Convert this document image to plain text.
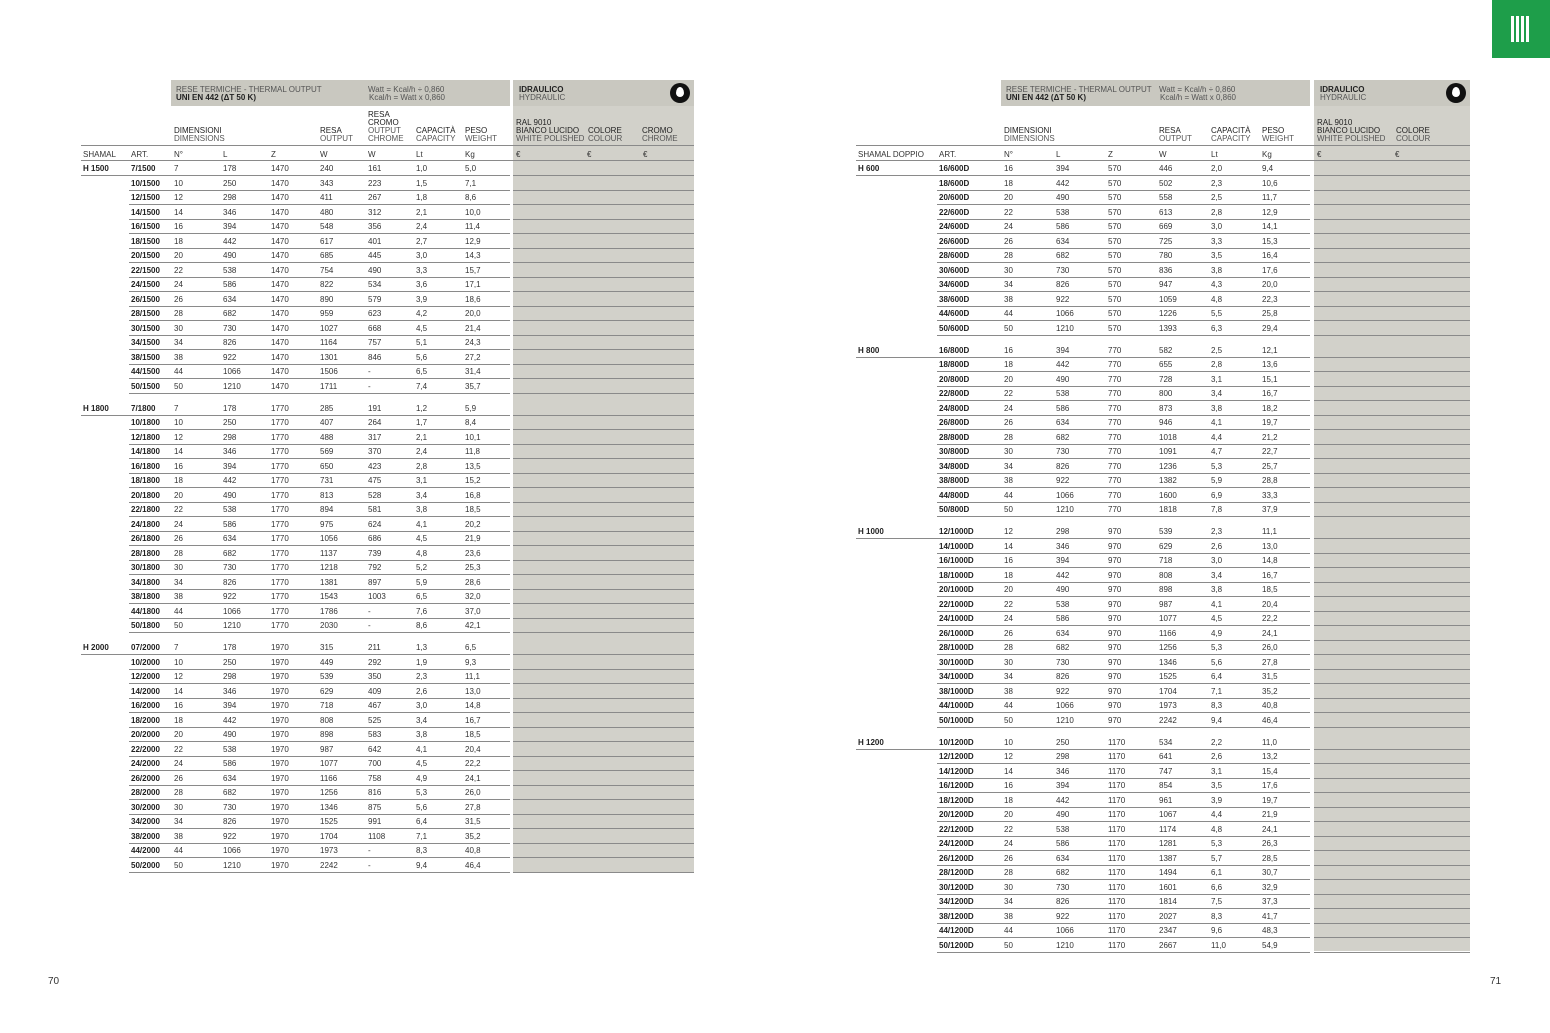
RESE TERMICHE - THERMAL OUTPUT
UNI EN 442 (ΔT 50 K)
Watt = Kcal/h ÷ 0,860
Kcal/h = Watt x 0,860
IDRAULICO
HYDRAULIC
DIMENSIONI
DIMENSIONS
RESA
OUTPUT
RESA
CROMO
OUTPUT
CHROME
CAPACITÀ
CAPACITY
PESO
WEIGHT
RAL 9010
BIANCO LUCIDO
WHITE POLISHED
COLORE
COLOUR
CROMO
CHROME
SHAMAL ART.	N°	L	Z	W	W	Lt	Kg	€	€	€
H 1500	7/1500 7	178	1470	240	161	1,0	5,0
10/1500 10	250	1470	343	223	1,5	7,1
12/1500 12	298	1470	411	267	1,8	8,6
14/1500 14	346	1470	480	312	2,1	10,0
16/1500 16	394	1470	548	356	2,4	11,4
18/1500 18	442	1470	617	401	2,7	12,9
20/1500 20	490	1470	685	445	3,0	14,3
22/1500 22	538	1470	754	490	3,3	15,7
24/1500 24	586	1470	822	534	3,6	17,1
26/1500 26	634	1470	890	579	3,9	18,6
28/1500 28	682	1470	959	623	4,2	20,0
30/1500 30	730	1470	1027	668	4,5	21,4
34/1500 34	826	1470	1164	757	5,1	24,3
38/1500 38	922	1470	1301	846	5,6	27,2
44/1500 44	1066	1470	1506	-	6,5	31,4
50/1500 50	1210	1470	1711	-	7,4	35,7
H 1800	7/1800 7	178	1770	285	191	1,2	5,9
10/1800 10	250	1770	407	264	1,7	8,4
12/1800 12	298	1770	488	317	2,1	10,1
14/1800 14	346	1770	569	370	2,4	11,8
16/1800 16	394	1770	650	423	2,8	13,5
18/1800 18	442	1770	731	475	3,1	15,2
20/1800 20	490	1770	813	528	3,4	16,8
22/1800 22	538	1770	894	581	3,8	18,5
24/1800 24	586	1770	975	624	4,1	20,2
26/1800 26	634	1770	1056	686	4,5	21,9
28/1800 28	682	1770	1137	739	4,8	23,6
30/1800 30	730	1770	1218	792	5,2	25,3
34/1800 34	826	1770	1381	897	5,9	28,6
38/1800 38	922	1770	1543	1003	6,5	32,0
44/1800 44	1066	1770	1786	-	7,6	37,0
50/1800 50	1210	1770	2030	-	8,6	42,1
H 2000	07/2000 7	178	1970	315	211	1,3	6,5
10/2000 10	250	1970	449	292	1,9	9,3
12/2000 12	298	1970	539	350	2,3	11,1
14/2000 14	346	1970	629	409	2,6	13,0
16/2000 16	394	1970	718	467	3,0	14,8
18/2000 18	442	1970	808	525	3,4	16,7
20/2000 20	490	1970	898	583	3,8	18,5
22/2000 22	538	1970	987	642	4,1	20,4
24/2000 24	586	1970	1077	700	4,5	22,2
26/2000 26	634	1970	1166	758	4,9	24,1
28/2000 28	682	1970	1256	816	5,3	26,0
30/2000 30	730	1970	1346	875	5,6	27,8
34/2000 34	826	1970	1525	991	6,4	31,5
38/2000 38	922	1970	1704	1108	7,1	35,2
44/2000 44	1066	1970	1973	-	8,3	40,8
50/2000 50	1210	1970	2242	-	9,4	46,4
RESE TERMICHE - THERMAL OUTPUT
UNI EN 442 (ΔT 50 K)
Watt = Kcal/h ÷ 0,860
Kcal/h = Watt x 0,860
IDRAULICO
HYDRAULIC
DIMENSIONI
DIMENSIONS
RESA
OUTPUT
CAPACITÀ
CAPACITY
PESO
WEIGHT
RAL 9010
BIANCO LUCIDO
WHITE POLISHED
COLORE
COLOUR
SHAMAL DOPPIO ART.	N°	L	Z	W	Lt	Kg	€	€
H 600	16/600D	16	394	570	446	2,0	9,4
18/600D	18	442	570	502	2,3	10,6
20/600D	20	490	570	558	2,5	11,7
22/600D	22	538	570	613	2,8	12,9
24/600D	24	586	570	669	3,0	14,1
26/600D	26	634	570	725	3,3	15,3
28/600D	28	682	570	780	3,5	16,4
30/600D	30	730	570	836	3,8	17,6
34/600D	34	826	570	947	4,3	20,0
38/600D	38	922	570	1059	4,8	22,3
44/600D	44	1066	570	1226	5,5	25,8
50/600D	50	1210	570	1393	6,3	29,4
H 800	16/800D	16	394	770	582	2,5	12,1
18/800D	18	442	770	655	2,8	13,6
20/800D	20	490	770	728	3,1	15,1
22/800D	22	538	770	800	3,4	16,7
24/800D	24	586	770	873	3,8	18,2
26/800D	26	634	770	946	4,1	19,7
28/800D	28	682	770	1018	4,4	21,2
30/800D	30	730	770	1091	4,7	22,7
34/800D	34	826	770	1236	5,3	25,7
38/800D	38	922	770	1382	5,9	28,8
44/800D	44	1066	770	1600	6,9	33,3
50/800D	50	1210	770	1818	7,8	37,9
H 1000	12/1000D	12	298	970	539	2,3	11,1
14/1000D	14	346	970	629	2,6	13,0
16/1000D	16	394	970	718	3,0	14,8
18/1000D	18	442	970	808	3,4	16,7
20/1000D	20	490	970	898	3,8	18,5
22/1000D	22	538	970	987	4,1	20,4
24/1000D	24	586	970	1077	4,5	22,2
26/1000D	26	634	970	1166	4,9	24,1
28/1000D	28	682	970	1256	5,3	26,0
30/1000D	30	730	970	1346	5,6	27,8
34/1000D	34	826	970	1525	6,4	31,5
38/1000D	38	922	970	1704	7,1	35,2
44/1000D	44	1066	970	1973	8,3	40,8
50/1000D	50	1210	970	2242	9,4	46,4
H 1200	10/1200D	10	250	1170	534	2,2	11,0
12/1200D	12	298	1170	641	2,6	13,2
14/1200D	14	346	1170	747	3,1	15,4
16/1200D	16	394	1170	854	3,5	17,6
18/1200D	18	442	1170	961	3,9	19,7
20/1200D	20	490	1170	1067	4,4	21,9
22/1200D	22	538	1170	1174	4,8	24,1
24/1200D	24	586	1170	1281	5,3	26,3
26/1200D	26	634	1170	1387	5,7	28,5
28/1200D	28	682	1170	1494	6,1	30,7
30/1200D	30	730	1170	1601	6,6	32,9
34/1200D	34	826	1170	1814	7,5	37,3
38/1200D	38	922	1170	2027	8,3	41,7
44/1200D	44	1066	1170	2347	9,6	48,3
50/1200D	50	1210	1170	2667	11,0	54,9
70	71
